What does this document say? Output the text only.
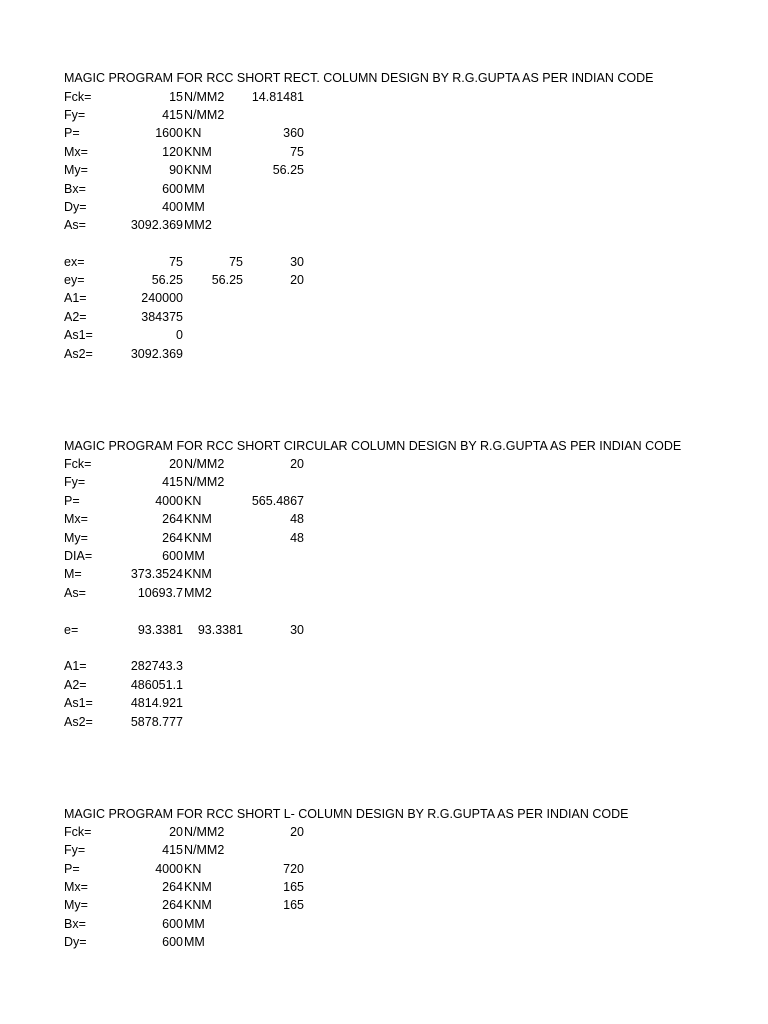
MAGIC PROGRAM FOR RCC SHORT RECT. COLUMN DESIGN BY R.G.GUPTA AS PER INDIAN CODE
Fck=	15 N/MM2 14.81481
Fy=	415 N/MM2
P=	1600 KN	360
Mx=	120 KNM	75
My=	90 KNM	56.25
Bx=	600 MM
Dy=	400 MM
As=	3092.369 MM2
ex=	75	75	30
ey=	56.25 56.25	20
A1=	240000
A2=	384375
As1=	0
As2=	3092.369
MAGIC PROGRAM FOR RCC SHORT CIRCULAR COLUMN DESIGN BY R.G.GUPTA AS PER INDIAN CODE
Fck=	20 N/MM2	20
Fy=	415 N/MM2
P=	4000 KN	565.4867
Mx=	264 KNM	48
My=	264 KNM	48
DIA=	600 MM
M=	373.3524 KNM
As=	10693.7 MM2
e=	93.3381 93.3381	30
A1=	282743.3
A2=	486051.1
As1=	4814.921
As2=	5878.777
MAGIC PROGRAM FOR RCC SHORT L- COLUMN DESIGN BY R.G.GUPTA AS PER INDIAN CODE
Fck=	20 N/MM2	20
Fy=	415 N/MM2
P=	4000 KN	720
Mx=	264 KNM	165
My=	264 KNM	165
Bx=	600 MM
Dy=	600 MM
